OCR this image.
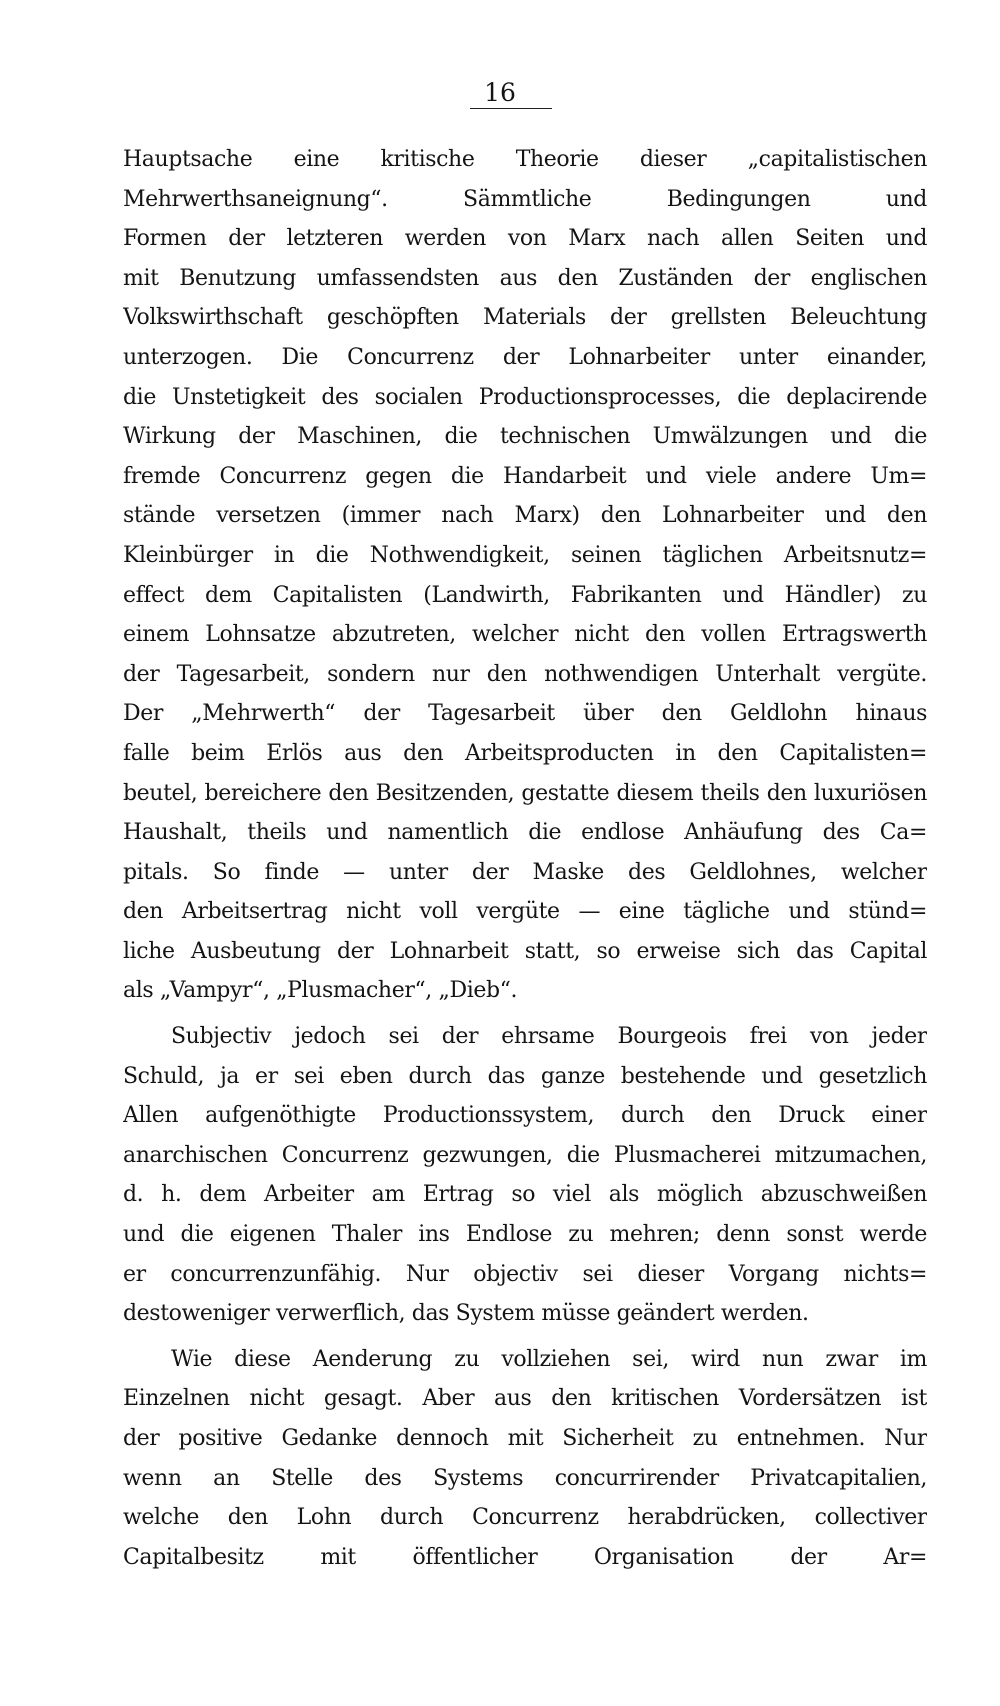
16
Hauptsache eine kritische Theorie dieser „capitalistischen
Mehrwerthsaneignung“. Sämmtliche Bedingungen und
Formen der letzteren werden von Marx nach allen Seiten und
mit Benutzung umfassendsten aus den Zuständen der englischen
Volkswirthschaft geschöpften Materials der grellsten Beleuchtung
unterzogen. Die Concurrenz der Lohnarbeiter unter einander,
die Unstetigkeit des socialen Productionsprocesses, die deplacirende
Wirkung der Maschinen, die technischen Umwälzungen und die
fremde Concurrenz gegen die Handarbeit und viele andere Um=
stände versetzen (immer nach Marx) den Lohnarbeiter und den
Kleinbürger in die Nothwendigkeit, seinen täglichen Arbeitsnutz=
effect dem Capitalisten (Landwirth, Fabrikanten und Händler) zu
einem Lohnsatze abzutreten, welcher nicht den vollen Ertragswerth
der Tagesarbeit, sondern nur den nothwendigen Unterhalt vergüte.
Der „Mehrwerth“ der Tagesarbeit über den Geldlohn hinaus
falle beim Erlös aus den Arbeitsproducten in den Capitalisten=
beutel, bereichere den Besitzenden, gestatte diesem theils den luxuriösen
Haushalt, theils und namentlich die endlose Anhäufung des Ca=
pitals. So finde — unter der Maske des Geldlohnes, welcher
den Arbeitsertrag nicht voll vergüte — eine tägliche und stünd=
liche Ausbeutung der Lohnarbeit statt, so erweise sich das Capital
als „Vampyr“, „Plusmacher“, „Dieb“.
Subjectiv jedoch sei der ehrsame Bourgeois frei von jeder
Schuld, ja er sei eben durch das ganze bestehende und gesetzlich
Allen aufgenöthigte Productionssystem, durch den Druck einer
anarchischen Concurrenz gezwungen, die Plusmacherei mitzumachen,
d. h. dem Arbeiter am Ertrag so viel als möglich abzuschweißen
und die eigenen Thaler ins Endlose zu mehren; denn sonst werde
er concurrenzunfähig. Nur objectiv sei dieser Vorgang nichts=
destoweniger verwerflich, das System müsse geändert werden.
Wie diese Aenderung zu vollziehen sei, wird nun zwar im
Einzelnen nicht gesagt. Aber aus den kritischen Vordersätzen ist
der positive Gedanke dennoch mit Sicherheit zu entnehmen. Nur
wenn an Stelle des Systems concurrirender Privatcapitalien,
welche den Lohn durch Concurrenz herabdrücken, collectiver
Capitalbesitz mit öffentlicher Organisation der Ar=
